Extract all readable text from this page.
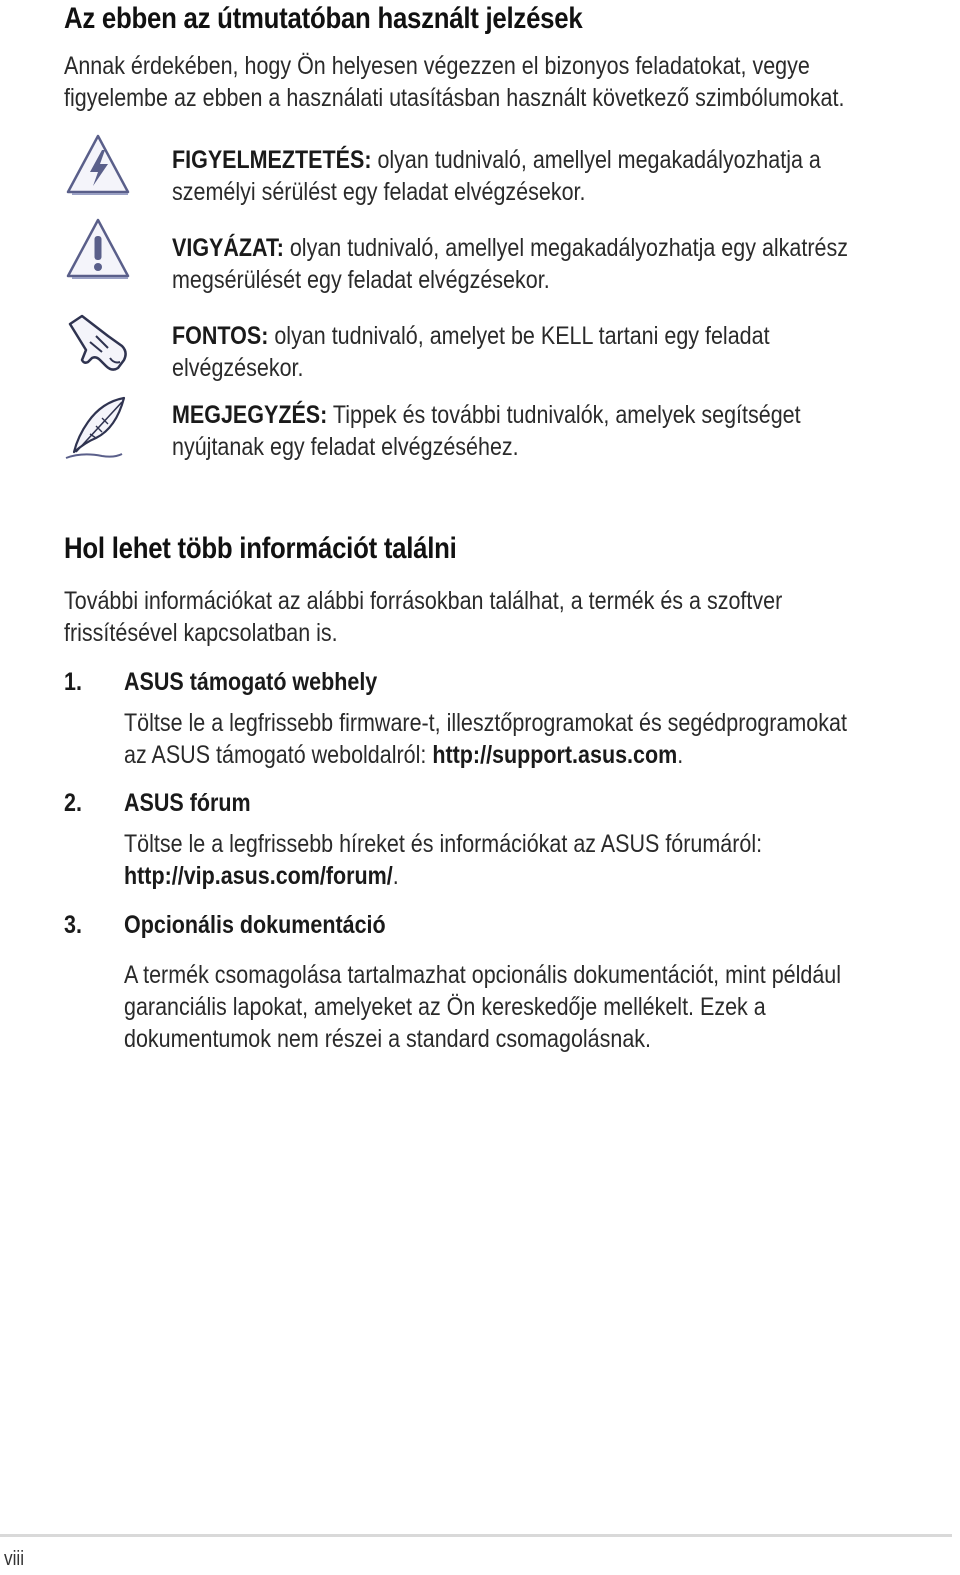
Az ebben az útmutatóban használt jelzések

Annak érdekében, hogy Ön helyesen végezzen el bizonyos feladatokat, vegye
figyelembe az ebben a használati utasításban használt következő szimbólumokat.

FIGYELMEZTETÉS: olyan tudnivaló, amellyel megakadályozhatja a
személyi sérülést egy feladat elvégzésekor.

VIGYÁZAT: olyan tudnivaló, amellyel megakadályozhatja egy alkatrész
megsérülését egy feladat elvégzésekor.

FONTOS: olyan tudnivaló, amelyet be KELL tartani egy feladat
elvégzésekor.

MEGJEGYZÉS: Tippek és további tudnivalók, amelyek segítséget
nyújtanak egy feladat elvégzéséhez.

Hol lehet több információt találni

További információkat az alábbi forrásokban találhat, a termék és a szoftver
frissítésével kapcsolatban is.

1. ASUS támogató webhely

Töltse le a legfrissebb firmware-t, illesztőprogramokat és segédprogramokat
az ASUS támogató weboldalról: http://support.asus.com.

2. ASUS fórum

Töltse le a legfrissebb híreket és információkat az ASUS fórumáról:
http://vip.asus.com/forum/.

3. Opcionális dokumentáció

A termék csomagolása tartalmazhat opcionális dokumentációt, mint például
garanciális lapokat, amelyeket az Ön kereskedője mellékelt. Ezek a
dokumentumok nem részei a standard csomagolásnak.

viii
